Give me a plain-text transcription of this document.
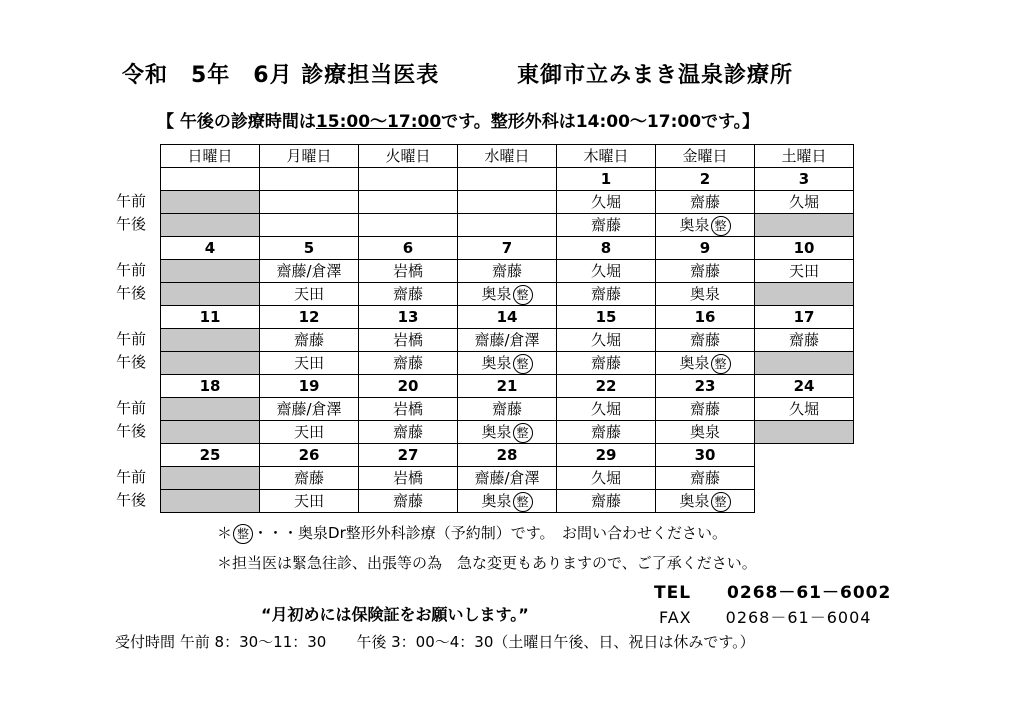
令和　5年　6月 診療担当医表	東御市立みまき温泉診療所
【 午後の診療時間は15:00～17:00です。整形外科は14:00～17:00です。】
午前
午後
午前
午後
午前
午後
午前
午後
午前
午後
日曜日	月曜日	火曜日	水曜日	木曜日	金曜日	土曜日
				1	2	3
				久堀	齋藤	久堀
				齋藤	奥泉 整	
4	5	6	7	8	9	10
	齋藤/倉澤	岩橋	齋藤	久堀	齋藤	天田
	天田	齋藤	奥泉 整	齋藤	奥泉	
11	12	13	14	15	16	17
	齋藤	岩橋	齋藤/倉澤	久堀	齋藤	齋藤
	天田	齋藤	奥泉 整	齋藤	奥泉 整	
18	19	20	21	22	23	24
	齋藤/倉澤	岩橋	齋藤	久堀	齋藤	久堀
	天田	齋藤	奥泉 整	齋藤	奥泉	
25	26	27	28	29	30	
	齋藤	岩橋	齋藤/倉澤	久堀	齋藤	
	天田	齋藤	奥泉 整	齋藤	奥泉 整	
＊ 整 ・・・奥泉Dr整形外科診療（予約制）です。　お問い合わせください。
＊担当医は緊急往診、出張等の為　急な変更もありますので、ご了承ください。
TEL　　0268－61－6002
“月初めには保険証をお願いします。”	FAX　　0268－61－6004
受付時間 午前 8：30～11：30　　午後 3：00～4：30（土曜日午後、日、祝日は休みです。）
